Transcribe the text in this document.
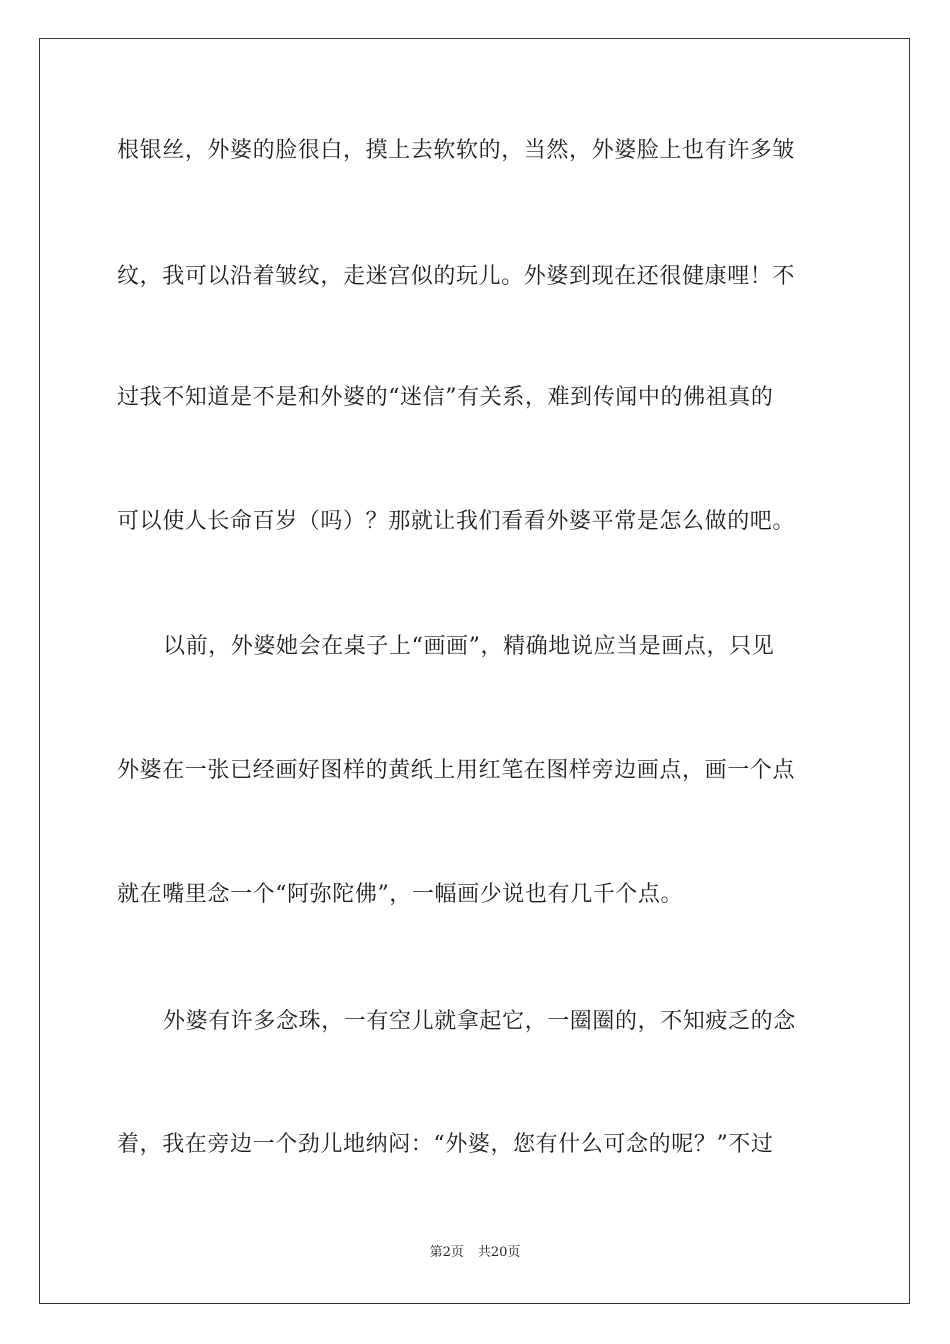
根银丝，外婆的脸很白，摸上去软软的，当然，外婆脸上也有许多皱
纹，我可以沿着皱纹，走迷宫似的玩儿。外婆到现在还很健康哩！不
过我不知道是不是和外婆的“迷信”有关系，难到传闻中的佛祖真的
可以使人长命百岁（吗）？那就让我们看看外婆平常是怎么做的吧。
以前，外婆她会在桌子上“画画”，精确地说应当是画点，只见
外婆在一张已经画好图样的黄纸上用红笔在图样旁边画点，画一个点
就在嘴里念一个“阿弥陀佛”，一幅画少说也有几千个点。
外婆有许多念珠，一有空儿就拿起它，一圈圈的，不知疲乏的念
着，我在旁边一个劲儿地纳闷：“外婆，您有什么可念的呢？”不过
第2页 共20页
